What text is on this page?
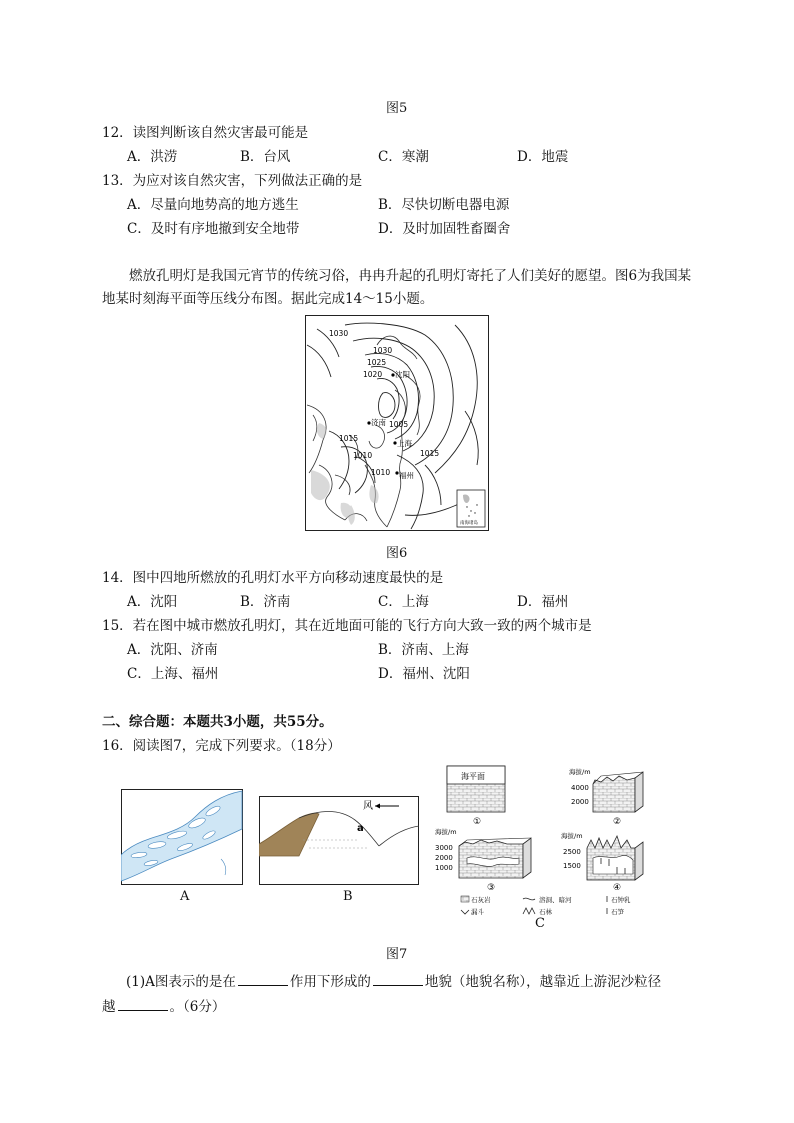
图5
12．读图判断该自然灾害最可能是
A．洪涝	B．台风	C．寒潮	D．地震
13．为应对该自然灾害，下列做法正确的是
A．尽量向地势高的地方逃生	B．尽快切断电器电源
C．及时有序地撤到安全地带	D．及时加固牲畜圈舍
燃放孔明灯是我国元宵节的传统习俗，冉冉升起的孔明灯寄托了人们美好的愿望。图6为我国某地某时刻海平面等压线分布图。据此完成14～15小题。
1030
1030
1025
1020
1005
1015
1010
1010
1015
沈阳
济南
上海
福州
南海诸岛
图6
14．图中四地所燃放的孔明灯水平方向移动速度最快的是
A．沈阳	B．济南	C．上海	D．福州
15．若在图中城市燃放孔明灯，其在近地面可能的飞行方向大致一致的两个城市是
A．沈阳、济南	B．济南、上海
C．上海、福州	D．福州、沈阳
二、综合题：本题共3小题，共55分。
16．阅读图7，完成下列要求。（18分）
A
风
a
B
海平面
①
海拔/m
4000
2000
②
海拔/m
3000
2000
1000
③
海拔/m
2500
1500
④
石灰岩	溶洞、暗河	石钟乳
漏斗	石林	石笋
C
图7
(1)A图表示的是在	作用下形成的	地貌（地貌名称），越靠近上游泥沙粒径
越	。（6分）
